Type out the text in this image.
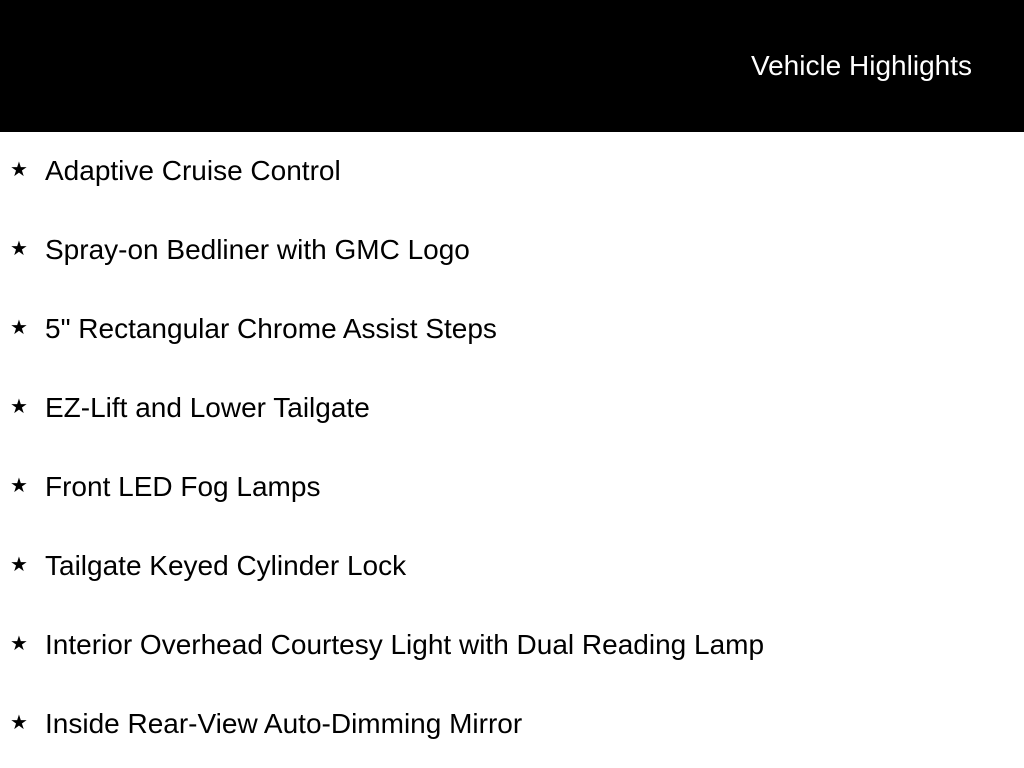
Vehicle Highlights
★ Adaptive Cruise Control
★ Spray-on Bedliner with GMC Logo
★ 5" Rectangular Chrome Assist Steps
★ EZ-Lift and Lower Tailgate
★ Front LED Fog Lamps
★ Tailgate Keyed Cylinder Lock
★ Interior Overhead Courtesy Light with Dual Reading Lamp
★ Inside Rear-View Auto-Dimming Mirror
